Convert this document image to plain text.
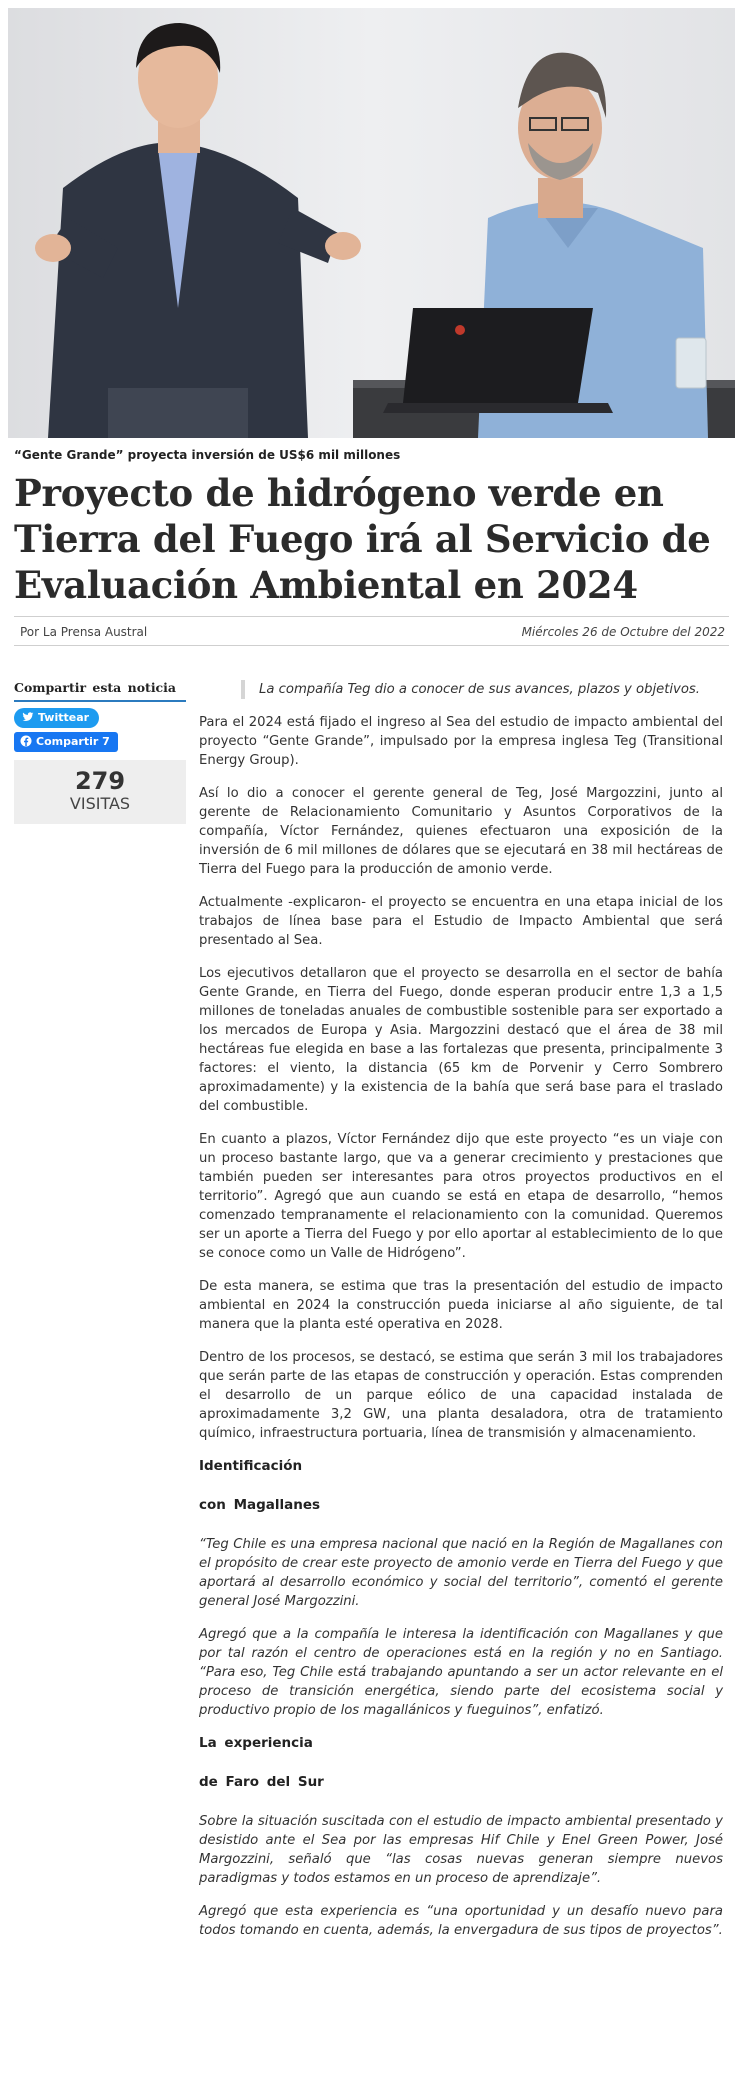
“Gente Grande” proyecta inversión de US$6 mil millones
Proyecto de hidrógeno verde en Tierra del Fuego irá al Servicio de Evaluación Ambiental en 2024
Por La Prensa Austral	Miércoles 26 de Octubre del 2022
Compartir esta noticia
Twittear
Compartir 7
279
VISITAS

La compañía Teg dio a conocer de sus avances, plazos y objetivos.

Para el 2024 está fijado el ingreso al Sea del estudio de impacto ambiental del proyecto “Gente Grande”, impulsado por la empresa inglesa Teg (Transitional Energy Group).

Así lo dio a conocer el gerente general de Teg, José Margozzini, junto al gerente de Relacionamiento Comunitario y Asuntos Corporativos de la compañía, Víctor Fernández, quienes efectuaron una exposición de la inversión de 6 mil millones de dólares que se ejecutará en 38 mil hectáreas de Tierra del Fuego para la producción de amonio verde.

Actualmente -explicaron- el proyecto se encuentra en una etapa inicial de los trabajos de línea base para el Estudio de Impacto Ambiental que será presentado al Sea.

Los ejecutivos detallaron que el proyecto se desarrolla en el sector de bahía Gente Grande, en Tierra del Fuego, donde esperan producir entre 1,3 a 1,5 millones de toneladas anuales de combustible sostenible para ser exportado a los mercados de Europa y Asia. Margozzini destacó que el área de 38 mil hectáreas fue elegida en base a las fortalezas que presenta, principalmente 3 factores: el viento, la distancia (65 km de Porvenir y Cerro Sombrero aproximadamente) y la existencia de la bahía que será base para el traslado del combustible.

En cuanto a plazos, Víctor Fernández dijo que este proyecto “es un viaje con un proceso bastante largo, que va a generar crecimiento y prestaciones que también pueden ser interesantes para otros proyectos productivos en el territorio”. Agregó que aun cuando se está en etapa de desarrollo, “hemos comenzado tempranamente el relacionamiento con la comunidad. Queremos ser un aporte a Tierra del Fuego y por ello aportar al establecimiento de lo que se conoce como un Valle de Hidrógeno”.

De esta manera, se estima que tras la presentación del estudio de impacto ambiental en 2024 la construcción pueda iniciarse al año siguiente, de tal manera que la planta esté operativa en 2028.

Dentro de los procesos, se destacó, se estima que serán 3 mil los trabajadores que serán parte de las etapas de construcción y operación. Estas comprenden el desarrollo de un parque eólico de una capacidad instalada de aproximadamente 3,2 GW, una planta desaladora, otra de tratamiento químico, infraestructura portuaria, línea de transmisión y almacenamiento.

Identificación
con Magallanes

“Teg Chile es una empresa nacional que nació en la Región de Magallanes con el propósito de crear este proyecto de amonio verde en Tierra del Fuego y que aportará al desarrollo económico y social del territorio”, comentó el gerente general José Margozzini.

Agregó que a la compañía le interesa la identificación con Magallanes y que por tal razón el centro de operaciones está en la región y no en Santiago. “Para eso, Teg Chile está trabajando apuntando a ser un actor relevante en el proceso de transición energética, siendo parte del ecosistema social y productivo propio de los magallánicos y fueguinos”, enfatizó.

La experiencia
de Faro del Sur

Sobre la situación suscitada con el estudio de impacto ambiental presentado y desistido ante el Sea por las empresas Hif Chile y Enel Green Power, José Margozzini, señaló que “las cosas nuevas generan siempre nuevos paradigmas y todos estamos en un proceso de aprendizaje”.

Agregó que esta experiencia es “una oportunidad y un desafío nuevo para todos tomando en cuenta, además, la envergadura de sus tipos de proyectos”.
